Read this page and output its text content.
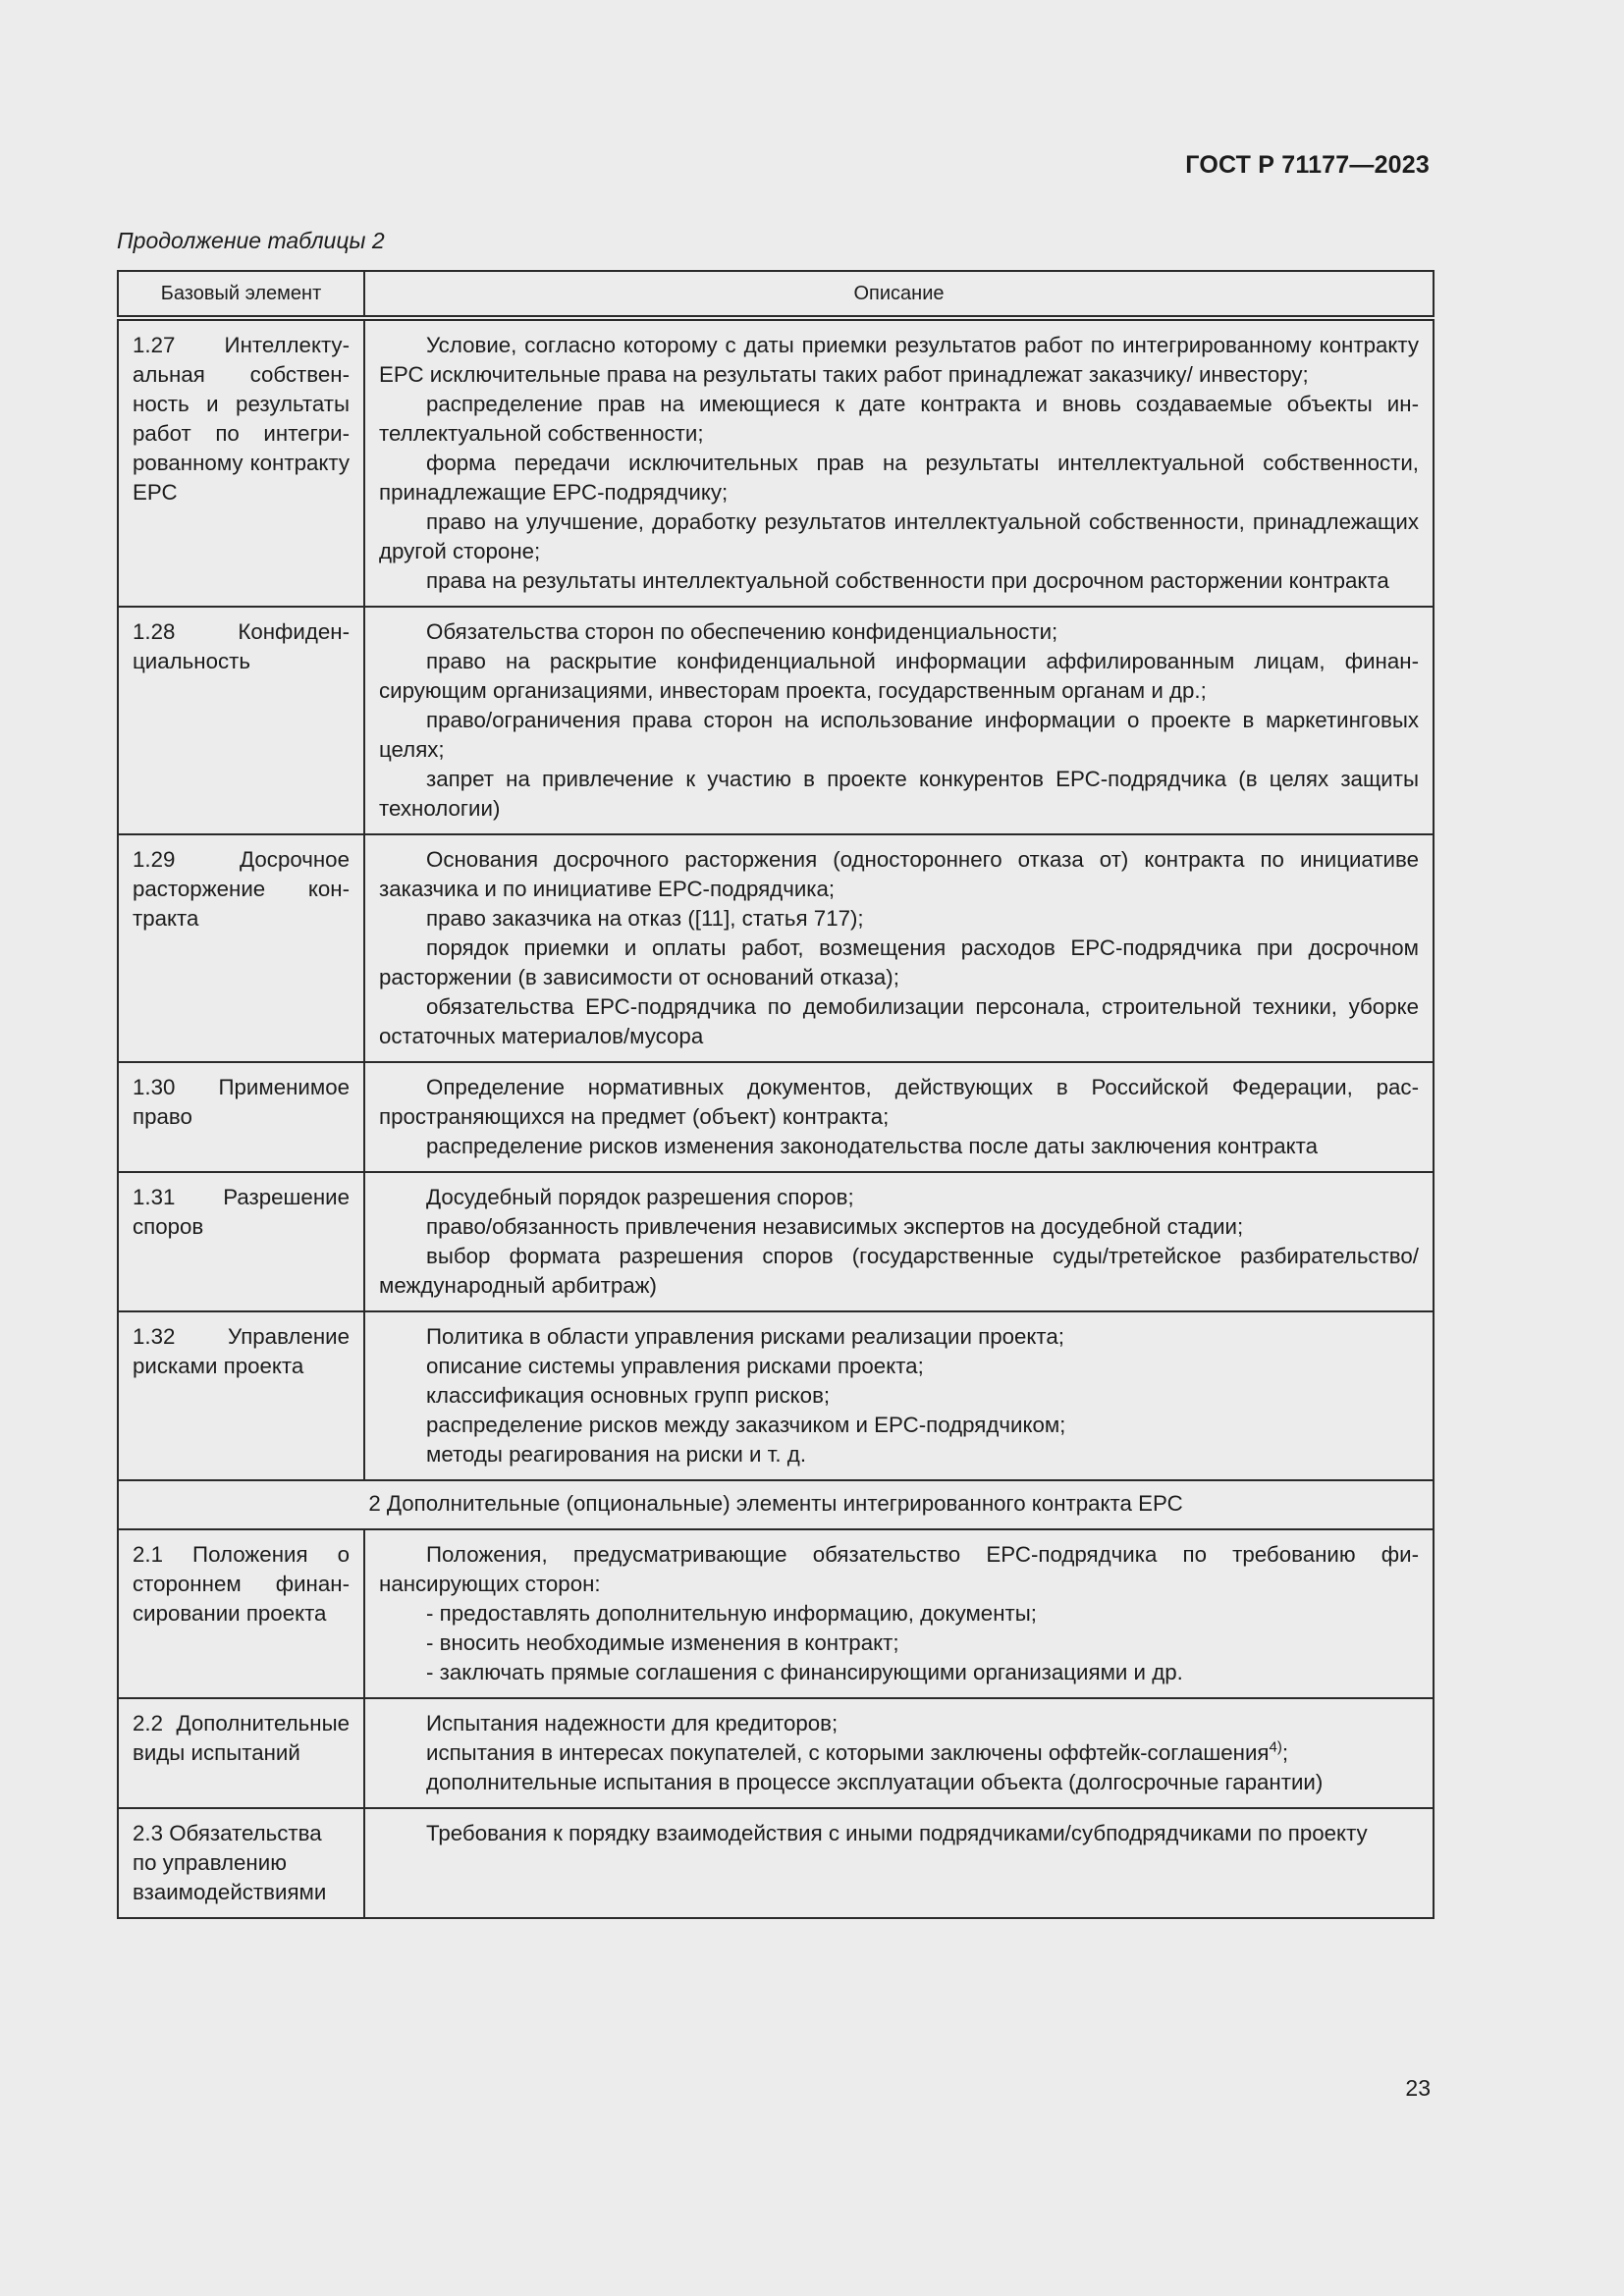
ГОСТ Р 71177—2023
Продолжение таблицы 2
Базовый элемент	Описание
1.27 Интеллектуальная собственность и результаты работ по интегрированному контракту ЕРС	Условие, согласно которому с даты приемки результатов работ по интегрированному контракту ЕРС исключительные права на результаты таких работ принадлежат заказчику/ инвестору;

распределение прав на имеющиеся к дате контракта и вновь создаваемые объекты интеллектуальной собственности;

форма передачи исключительных прав на результаты интеллектуальной собственности, принадлежащие ЕРС-подрядчику;

право на улучшение, доработку результатов интеллектуальной собственности, принадлежащих другой стороне;

права на результаты интеллектуальной собственности при досрочном расторжении контракта

1.28 Конфиденциальность	Обязательства сторон по обеспечению конфиденциальности;

право на раскрытие конфиденциальной информации аффилированным лицам, финансирующим организациями, инвесторам проекта, государственным органам и др.;

право/ограничения права сторон на использование информации о проекте в маркетинговых целях;

запрет на привлечение к участию в проекте конкурентов ЕРС-подрядчика (в целях защиты технологии)

1.29 Досрочное расторжение контракта	Основания досрочного расторжения (одностороннего отказа от) контракта по инициативе заказчика и по инициативе ЕРС-подрядчика;

право заказчика на отказ ([11], статья 717);

порядок приемки и оплаты работ, возмещения расходов ЕРС-подрядчика при досрочном расторжении (в зависимости от оснований отказа);

обязательства ЕРС-подрядчика по демобилизации персонала, строительной техники, уборке остаточных материалов/мусора

1.30 Применимое право	Определение нормативных документов, действующих в Российской Федерации, распространяющихся на предмет (объект) контракта;

распределение рисков изменения законодательства после даты заключения контракта

1.31 Разрешение споров	Досудебный порядок разрешения споров;

право/обязанность привлечения независимых экспертов на досудебной стадии;

выбор формата разрешения споров (государственные суды/третейское разбирательство/международный арбитраж)

1.32 Управление рисками проекта	Политика в области управления рисками реализации проекта;

описание системы управления рисками проекта;

классификация основных групп рисков;

распределение рисков между заказчиком и ЕРС-подрядчиком;

методы реагирования на риски и т. д.

2 Дополнительные (опциональные) элементы интегрированного контракта ЕРС	
2.1 Положения о стороннем финансировании проекта	Положения, предусматривающие обязательство ЕРС-подрядчика по требованию финансирующих сторон:

- предоставлять дополнительную информацию, документы;

- вносить необходимые изменения в контракт;

- заключать прямые соглашения с финансирующими организациями и др.

2.2 Дополнительные виды испытаний	Испытания надежности для кредиторов;

испытания в интересах покупателей, с которыми заключены оффтейк-соглашения$^{4)}$;

дополнительные испытания в процессе эксплуатации объекта (долгосрочные гарантии)

2.3 Обязательства по управлению взаимодействиями	Требования к порядку взаимодействия с иными подрядчиками/субподрядчиками по проекту

23
